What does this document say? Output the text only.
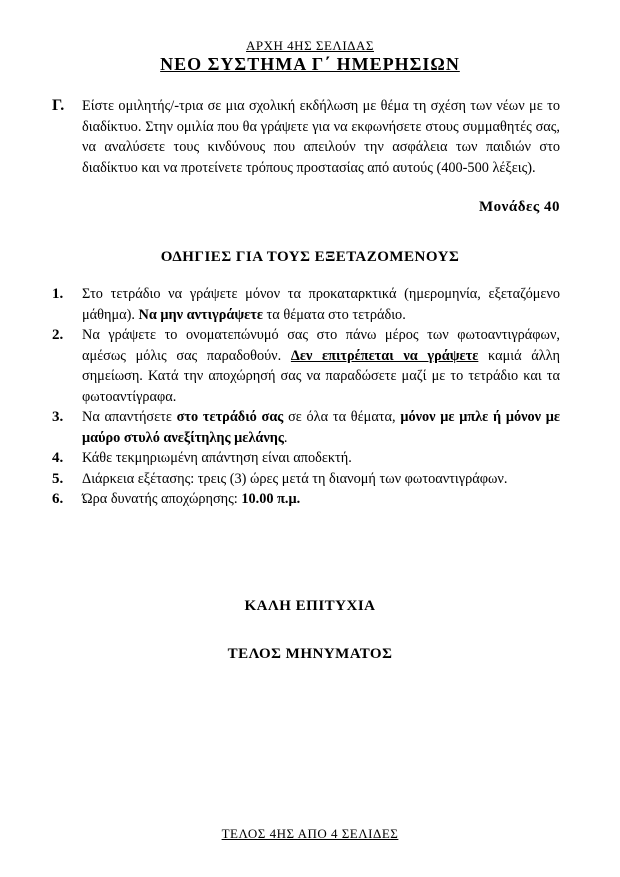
ΑΡΧΗ 4ΗΣ ΣΕΛΙΔΑΣ
ΝΕΟ ΣΥΣΤΗΜΑ Γ΄ ΗΜΕΡΗΣΙΩΝ
Γ.	Είστε ομιλητής/-τρια σε μια σχολική εκδήλωση με θέμα τη σχέση των νέων με το διαδίκτυο. Στην ομιλία που θα γράψετε για να εκφωνήσετε στους συμμαθητές σας, να αναλύσετε τους κινδύνους που απειλούν την ασφάλεια των παιδιών στο διαδίκτυο και να προτείνετε τρόπους προστασίας από αυτούς (400-500 λέξεις).
Μονάδες 40
ΟΔΗΓΙΕΣ ΓΙΑ ΤΟΥΣ ΕΞΕΤΑΖΟΜΕΝΟΥΣ
1.	Στο τετράδιο να γράψετε μόνον τα προκαταρκτικά (ημερομηνία, εξεταζόμενο μάθημα). Να μην αντιγράψετε τα θέματα στο τετράδιο.
2.	Να γράψετε το ονοματεπώνυμό σας στο πάνω μέρος των φωτοαντιγράφων, αμέσως μόλις σας παραδοθούν. Δεν επιτρέπεται να γράψετε καμιά άλλη σημείωση. Κατά την αποχώρησή σας να παραδώσετε μαζί με το τετράδιο και τα φωτοαντίγραφα.
3.	Να απαντήσετε στο τετράδιό σας σε όλα τα θέματα, μόνον με μπλε ή μόνον με μαύρο στυλό ανεξίτηλης μελάνης.
4.	Κάθε τεκμηριωμένη απάντηση είναι αποδεκτή.
5.	Διάρκεια εξέτασης: τρεις (3) ώρες μετά τη διανομή των φωτοαντιγράφων.
6.	Ώρα δυνατής αποχώρησης: 10.00 π.μ.
ΚΑΛΗ ΕΠΙΤΥΧΙΑ
ΤΕΛΟΣ ΜΗΝΥΜΑΤΟΣ
ΤΕΛΟΣ 4ΗΣ ΑΠΟ 4 ΣΕΛΙΔΕΣ
